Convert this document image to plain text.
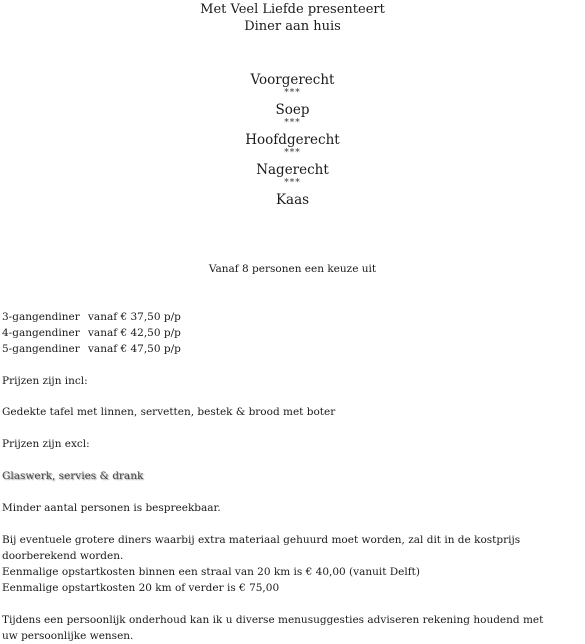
Met Veel Liefde presenteert

Diner aan huis

Voorgerecht

***

Soep

***

Hoofdgerecht

***

Nagerecht

***

Kaas

Vanaf 8 personen een keuze uit

3-gangendiner vanaf € 37,50 p/p
4-gangendiner vanaf € 42,50 p/p
5-gangendiner vanaf € 47,50 p/p

Prijzen zijn incl:

Gedekte tafel met linnen, servetten, bestek & brood met boter

Prijzen zijn excl:

Glaswerk, servies & drank

Minder aantal personen is bespreekbaar.

Bij eventuele grotere diners waarbij extra materiaal gehuurd moet worden, zal dit in de kostprijs doorberekend worden.

Eenmalige opstartkosten binnen een straal van 20 km is € 40,00 (vanuit Delft)

Eenmalige opstartkosten 20 km of verder is € 75,00

Tijdens een persoonlijk onderhoud kan ik u diverse menusuggesties adviseren rekening houdend met uw persoonlijke wensen.
